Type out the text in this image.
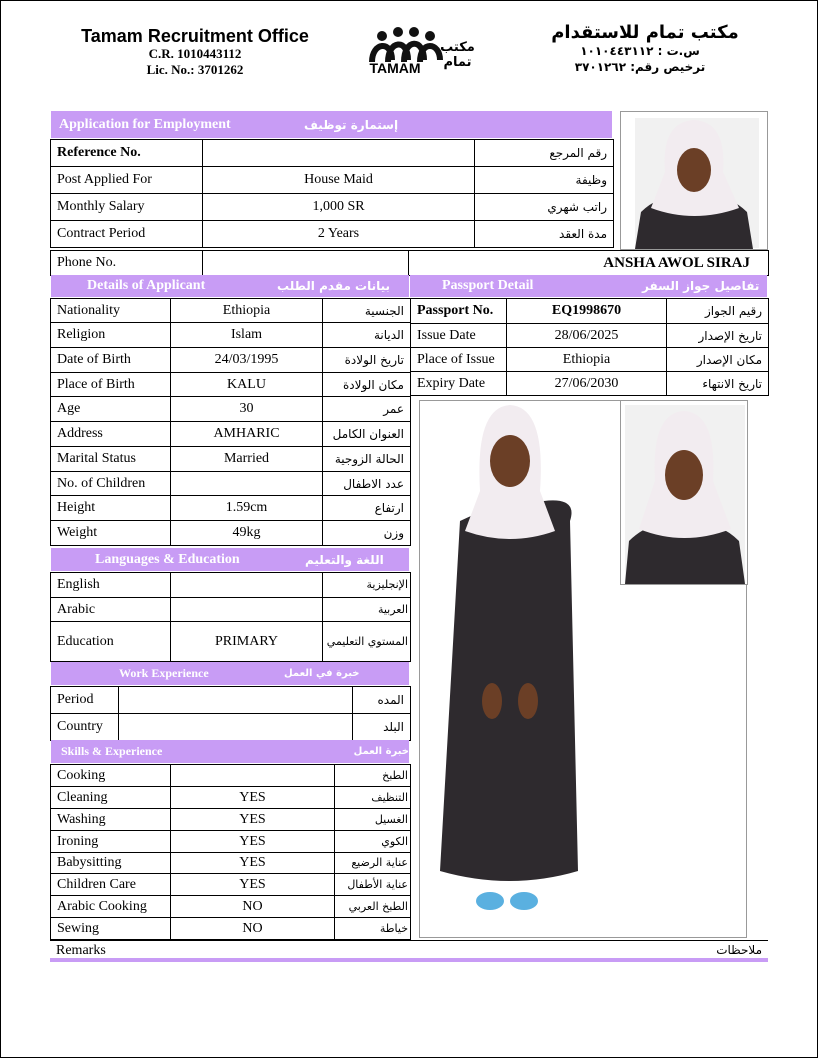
Tamam Recruitment Office
C.R. 1010443112
Lic. No.: 3701262	TAMAM
مكتب تمام
مكتب تمام للاستقدام
س.ت : ١٠١٠٤٤٣١١٢
ترخيص رقم: ٣٧٠١٢٦٢
Application for Employment	إستمارة توظيف
Reference No.		رقم المرجع
Post Applied For	House Maid	وظيفة
Monthly Salary	1,000 SR	راتب شهري
Contract Period	2 Years	مدة العقد
Phone No.		ANSHA AWOL SIRAJ
Details of Applicant	بيانات مقدم الطلب
Nationality	Ethiopia	الجنسية
Religion	Islam	الديانة
Date of Birth	24/03/1995	تاريخ الولادة
Place of Birth	KALU	مكان الولادة
Age	30	عمر
Address	AMHARIC	العنوان الكامل
Marital Status	Married	الحالة الزوجية
No. of Children		عدد الاطفال
Height	1.59cm	ارتفاع
Weight	49kg	وزن
Passport Detail	تفاصيل جواز السفر
Passport No.	EQ1998670	رقيم الجواز
Issue Date	28/06/2025	تاريخ الإصدار
Place of Issue	Ethiopia	مكان الإصدار
Expiry Date	27/06/2030	تاريخ الانتهاء
Languages & Education	اللغة والتعليم
English		الإنجليزية
Arabic		العربية
Education	PRIMARY	المستوي التعليمي
Work Experience	خبرة في العمل
Period		المده
Country		البلد
Skills & Experience	خبرة العمل
Cooking		الطبخ
Cleaning	YES	التنظيف
Washing	YES	الغسيل
Ironing	YES	الكوي
Babysitting	YES	عناية الرضيع
Children Care	YES	عناية الأطفال
Arabic Cooking	NO	الطبخ العربي
Sewing	NO	خياطة
Remarks	ملاحظات
